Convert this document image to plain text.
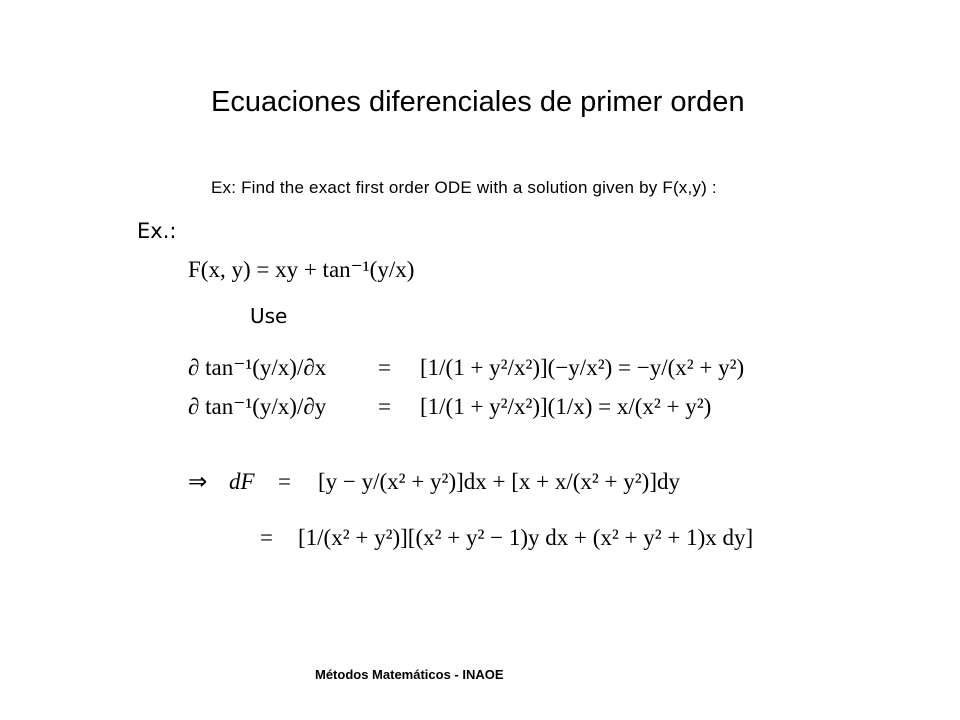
Ecuaciones diferenciales de primer orden
Ex: Find the exact first order ODE with a solution given by F(x,y) :
Ex.:
F(x, y) = xy + tan⁻¹(y/x)
Use
∂ tan⁻¹(y/x)/∂x = [1/(1 + y²/x²)](−y/x²) = −y/(x² + y²)
∂ tan⁻¹(y/x)/∂y = [1/(1 + y²/x²)](1/x) = x/(x² + y²)
⇒ dF = [y − y/(x² + y²)]dx + [x + x/(x² + y²)]dy
= [1/(x² + y²)][(x² + y² − 1)y dx + (x² + y² + 1)x dy]
Métodos Matemáticos - INAOE
